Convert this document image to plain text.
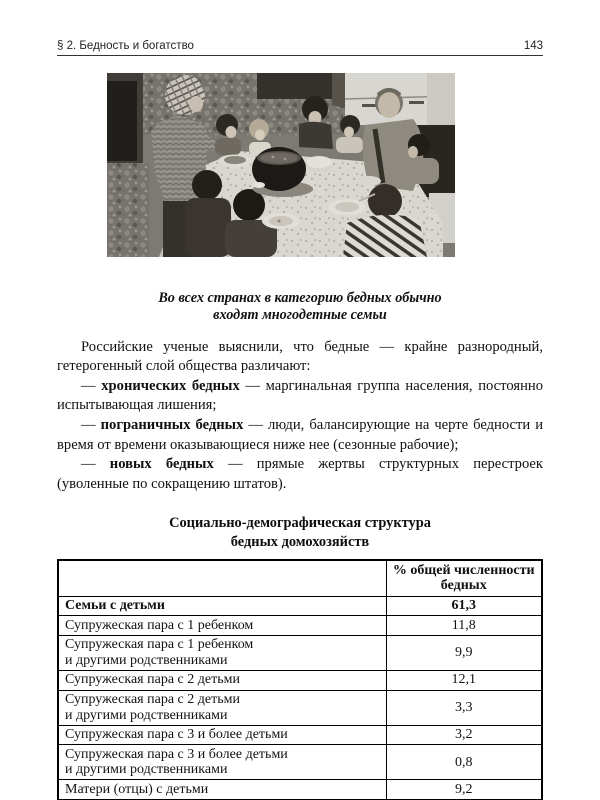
§ 2. Бедность и богатство	143
Во всех странах в категорию бедных обычно
входят многодетные семьи

Российские ученые выяснили, что бедные — крайне разнородный, гетерогенный слой общества различают:

— хронических бедных — маргинальная группа населения, постоянно испытывающая лишения;

— пограничных бедных — люди, балансирующие на черте бедности и время от времени оказывающиеся ниже нее (сезонные рабочие);

— новых бедных — прямые жертвы структурных перестроек (уволенные по сокращению штатов).

Социально-демографическая структура
бедных домохозяйств
	% общей численности бедных

Семьи с детьми	61,3

Супружеская пара с 1 ребенком	11,8

Супружеская пара с 1 ребенком
и другими родственниками	9,9

Супружеская пара с 2 детьми	12,1

Супружеская пара с 2 детьми
и другими родственниками	3,3

Супружеская пара с 3 и более детьми	3,2

Супружеская пара с 3 и более детьми
и другими родственниками	0,8

Матери (отцы) с детьми	9,2
